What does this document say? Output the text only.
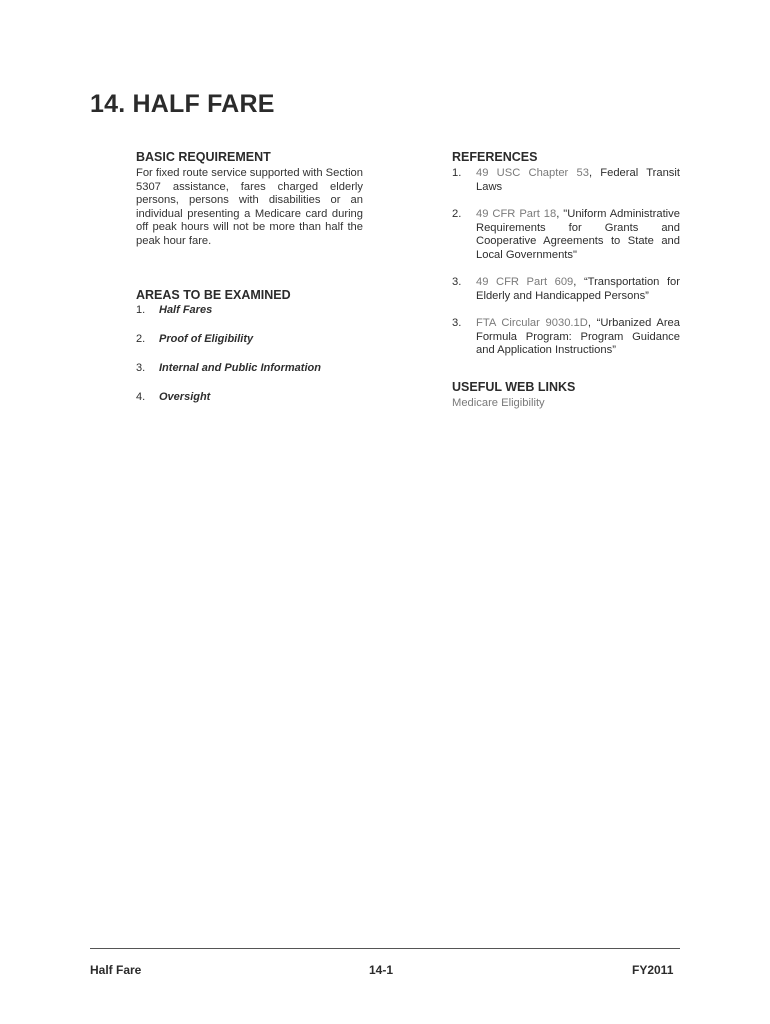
14. HALF FARE
BASIC REQUIREMENT

For fixed route service supported with Section 5307 assistance, fares charged elderly persons, persons with disabilities or an individual presenting a Medicare card during off peak hours will not be more than half the peak hour fare.

AREAS TO BE EXAMINED
1.	Half Fares
2.	Proof of Eligibility
3.	Internal and Public Information
4.	Oversight
REFERENCES
1.	49 USC Chapter 53, Federal Transit Laws
2.	49 CFR Part 18, "Uniform Administrative Requirements for Grants and Cooperative Agreements to State and Local Governments"
3.	49 CFR Part 609, “Transportation for Elderly and Handicapped Persons”
3.	FTA Circular 9030.1D, “Urbanized Area Formula Program: Program Guidance and Application Instructions”
USEFUL WEB LINKS
Medicare Eligibility
Half Fare	14-1	FY2011
